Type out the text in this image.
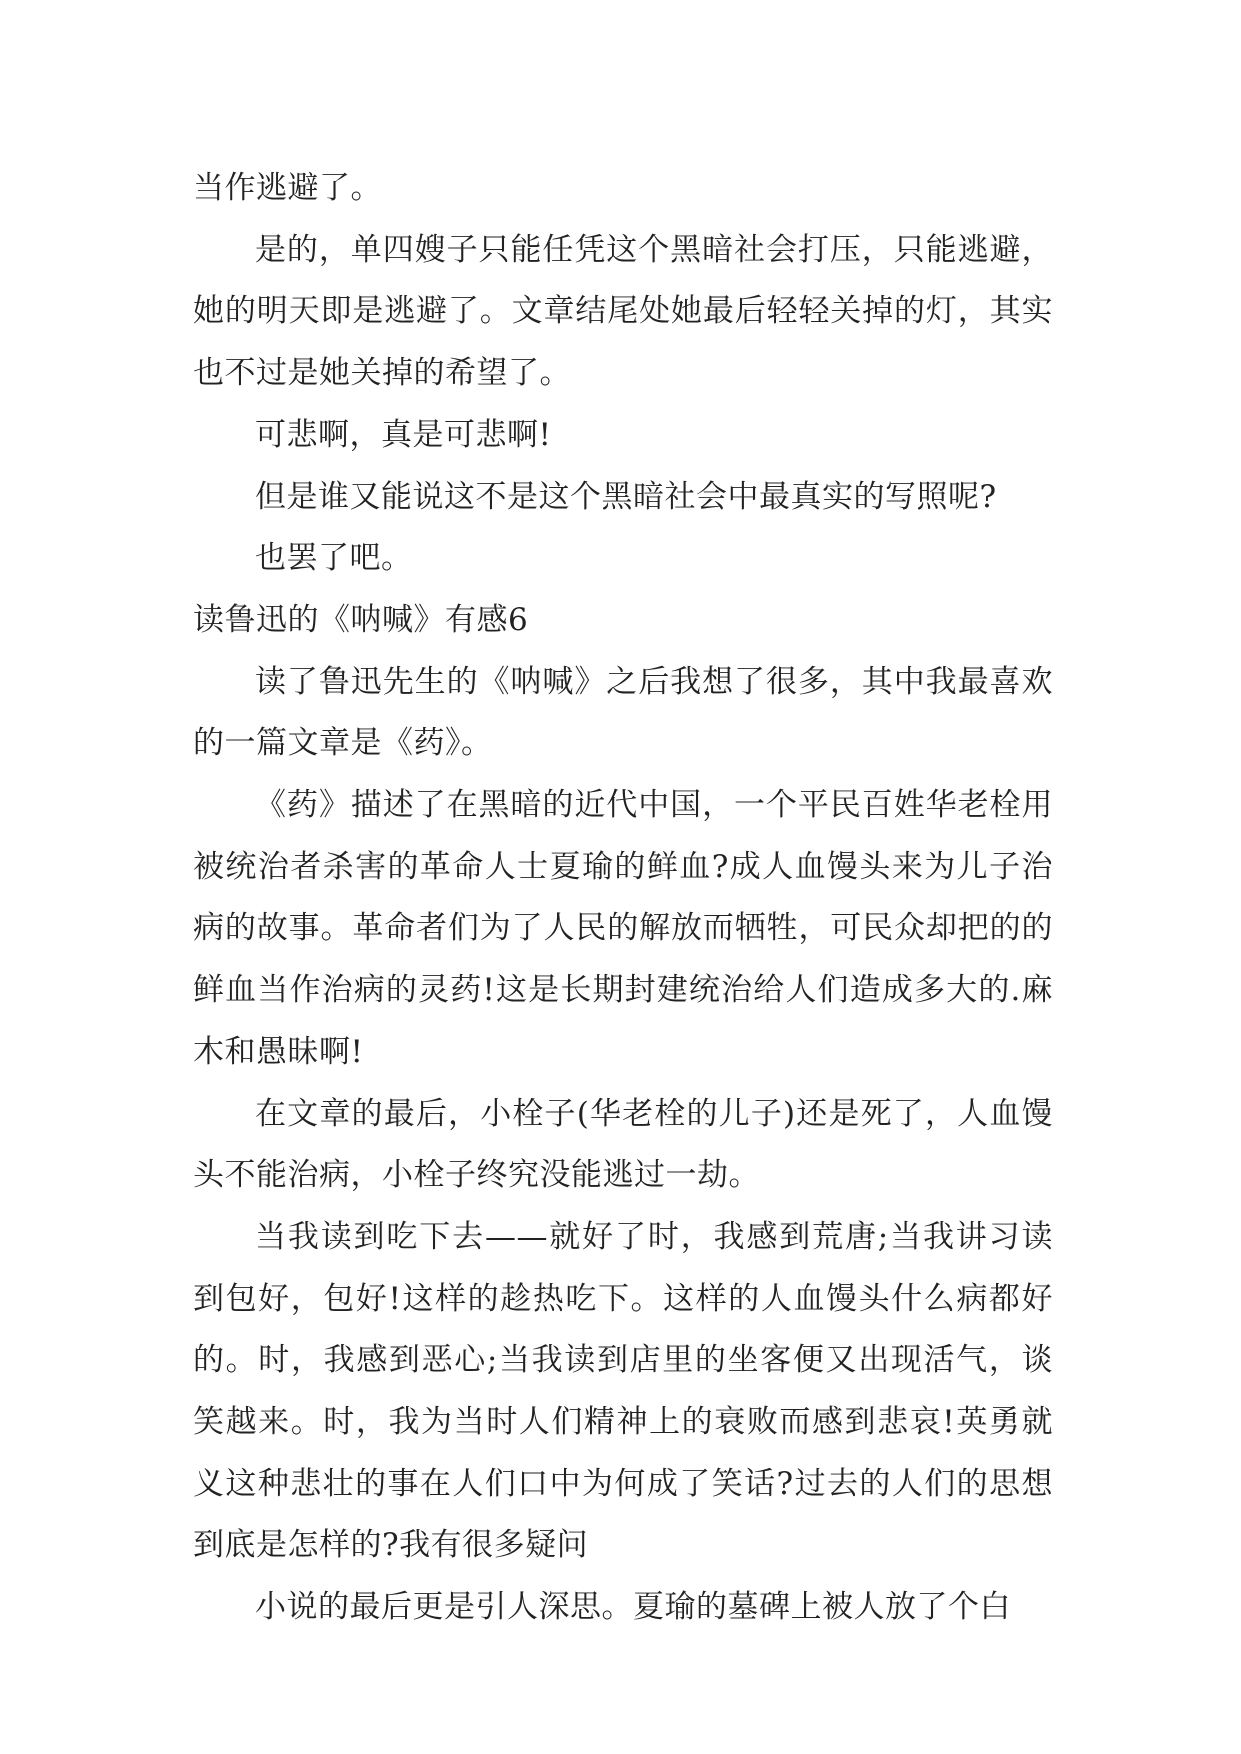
当作逃避了。

是的，单四嫂子只能任凭这个黑暗社会打压，只能逃避，她的明天即是逃避了。文章结尾处她最后轻轻关掉的灯，其实也不过是她关掉的希望了。

可悲啊，真是可悲啊!

但是谁又能说这不是这个黑暗社会中最真实的写照呢?

也罢了吧。

读鲁迅的《呐喊》有感6

读了鲁迅先生的《呐喊》之后我想了很多，其中我最喜欢的一篇文章是《药》。

《药》描述了在黑暗的近代中国，一个平民百姓华老栓用被统治者杀害的革命人士夏瑜的鲜血?成人血馒头来为儿子治病的故事。革命者们为了人民的解放而牺牲，可民众却把的的鲜血当作治病的灵药!这是长期封建统治给人们造成多大的.麻木和愚昧啊!

在文章的最后，小栓子(华老栓的儿子)还是死了，人血馒头不能治病，小栓子终究没能逃过一劫。

当我读到吃下去——就好了时，我感到荒唐;当我讲习读到包好，包好!这样的趁热吃下。这样的人血馒头什么病都好的。时，我感到恶心;当我读到店里的坐客便又出现活气，谈笑越来。时，我为当时人们精神上的衰败而感到悲哀!英勇就义这种悲壮的事在人们口中为何成了笑话?过去的人们的思想到底是怎样的?我有很多疑问

小说的最后更是引人深思。夏瑜的墓碑上被人放了个白
